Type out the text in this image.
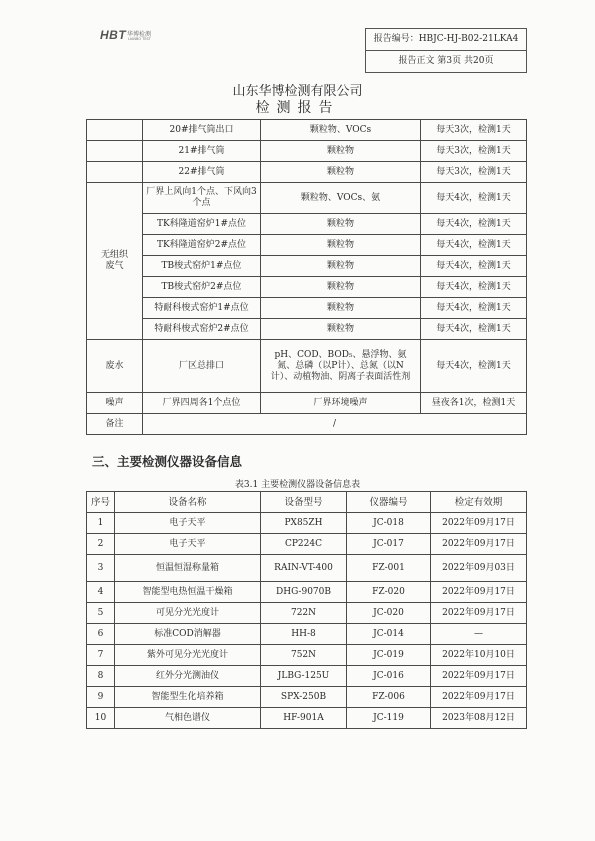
HBT 华博检测
LIANBO TEST	报告编号：HBJC-HJ-B02-21LKA4
报告正文 第3页 共20页
山东华博检测有限公司
检测报告
	20#排气筒出口	颗粒物、VOCs	每天3次，检测1天
	21#排气筒	颗粒物	每天3次，检测1天
	22#排气筒	颗粒物	每天3次，检测1天
无组织废气	厂界上风向1个点、下风向3个点	颗粒物、VOCs、氨	每天4次，检测1天
	TK科隆道窑炉1#点位	颗粒物	每天4次，检测1天
	TK科隆道窑炉2#点位	颗粒物	每天4次，检测1天
	TB梭式窑炉1#点位	颗粒物	每天4次，检测1天
	TB梭式窑炉2#点位	颗粒物	每天4次，检测1天
	特耐科梭式窑炉1#点位	颗粒物	每天4次，检测1天
	特耐科梭式窑炉2#点位	颗粒物	每天4次，检测1天
废水	厂区总排口	pH、COD、BOD₅、悬浮物、氨氮、总磷（以P计）、总氮（以N计）、动植物油、阴离子表面活性剂	每天4次，检测1天
噪声	厂界四周各1个点位	厂界环境噪声	昼夜各1次，检测1天
备注	/		
三、主要检测仪器设备信息
表3.1 主要检测仪器设备信息表
序号	设备名称	设备型号	仪器编号	检定有效期
1	电子天平	PX85ZH	JC-018	2022年09月17日
2	电子天平	CP224C	JC-017	2022年09月17日
3	恒温恒湿称量箱	RAIN-VT-400	FZ-001	2022年09月03日
4	智能型电热恒温干燥箱	DHG-9070B	FZ-020	2022年09月17日
5	可见分光光度计	722N	JC-020	2022年09月17日
6	标准COD消解器	HH-8	JC-014	—
7	紫外可见分光光度计	752N	JC-019	2022年10月10日
8	红外分光测油仪	JLBG-125U	JC-016	2022年09月17日
9	智能型生化培养箱	SPX-250B	FZ-006	2022年09月17日
10	气相色谱仪	HF-901A	JC-119	2023年08月12日
